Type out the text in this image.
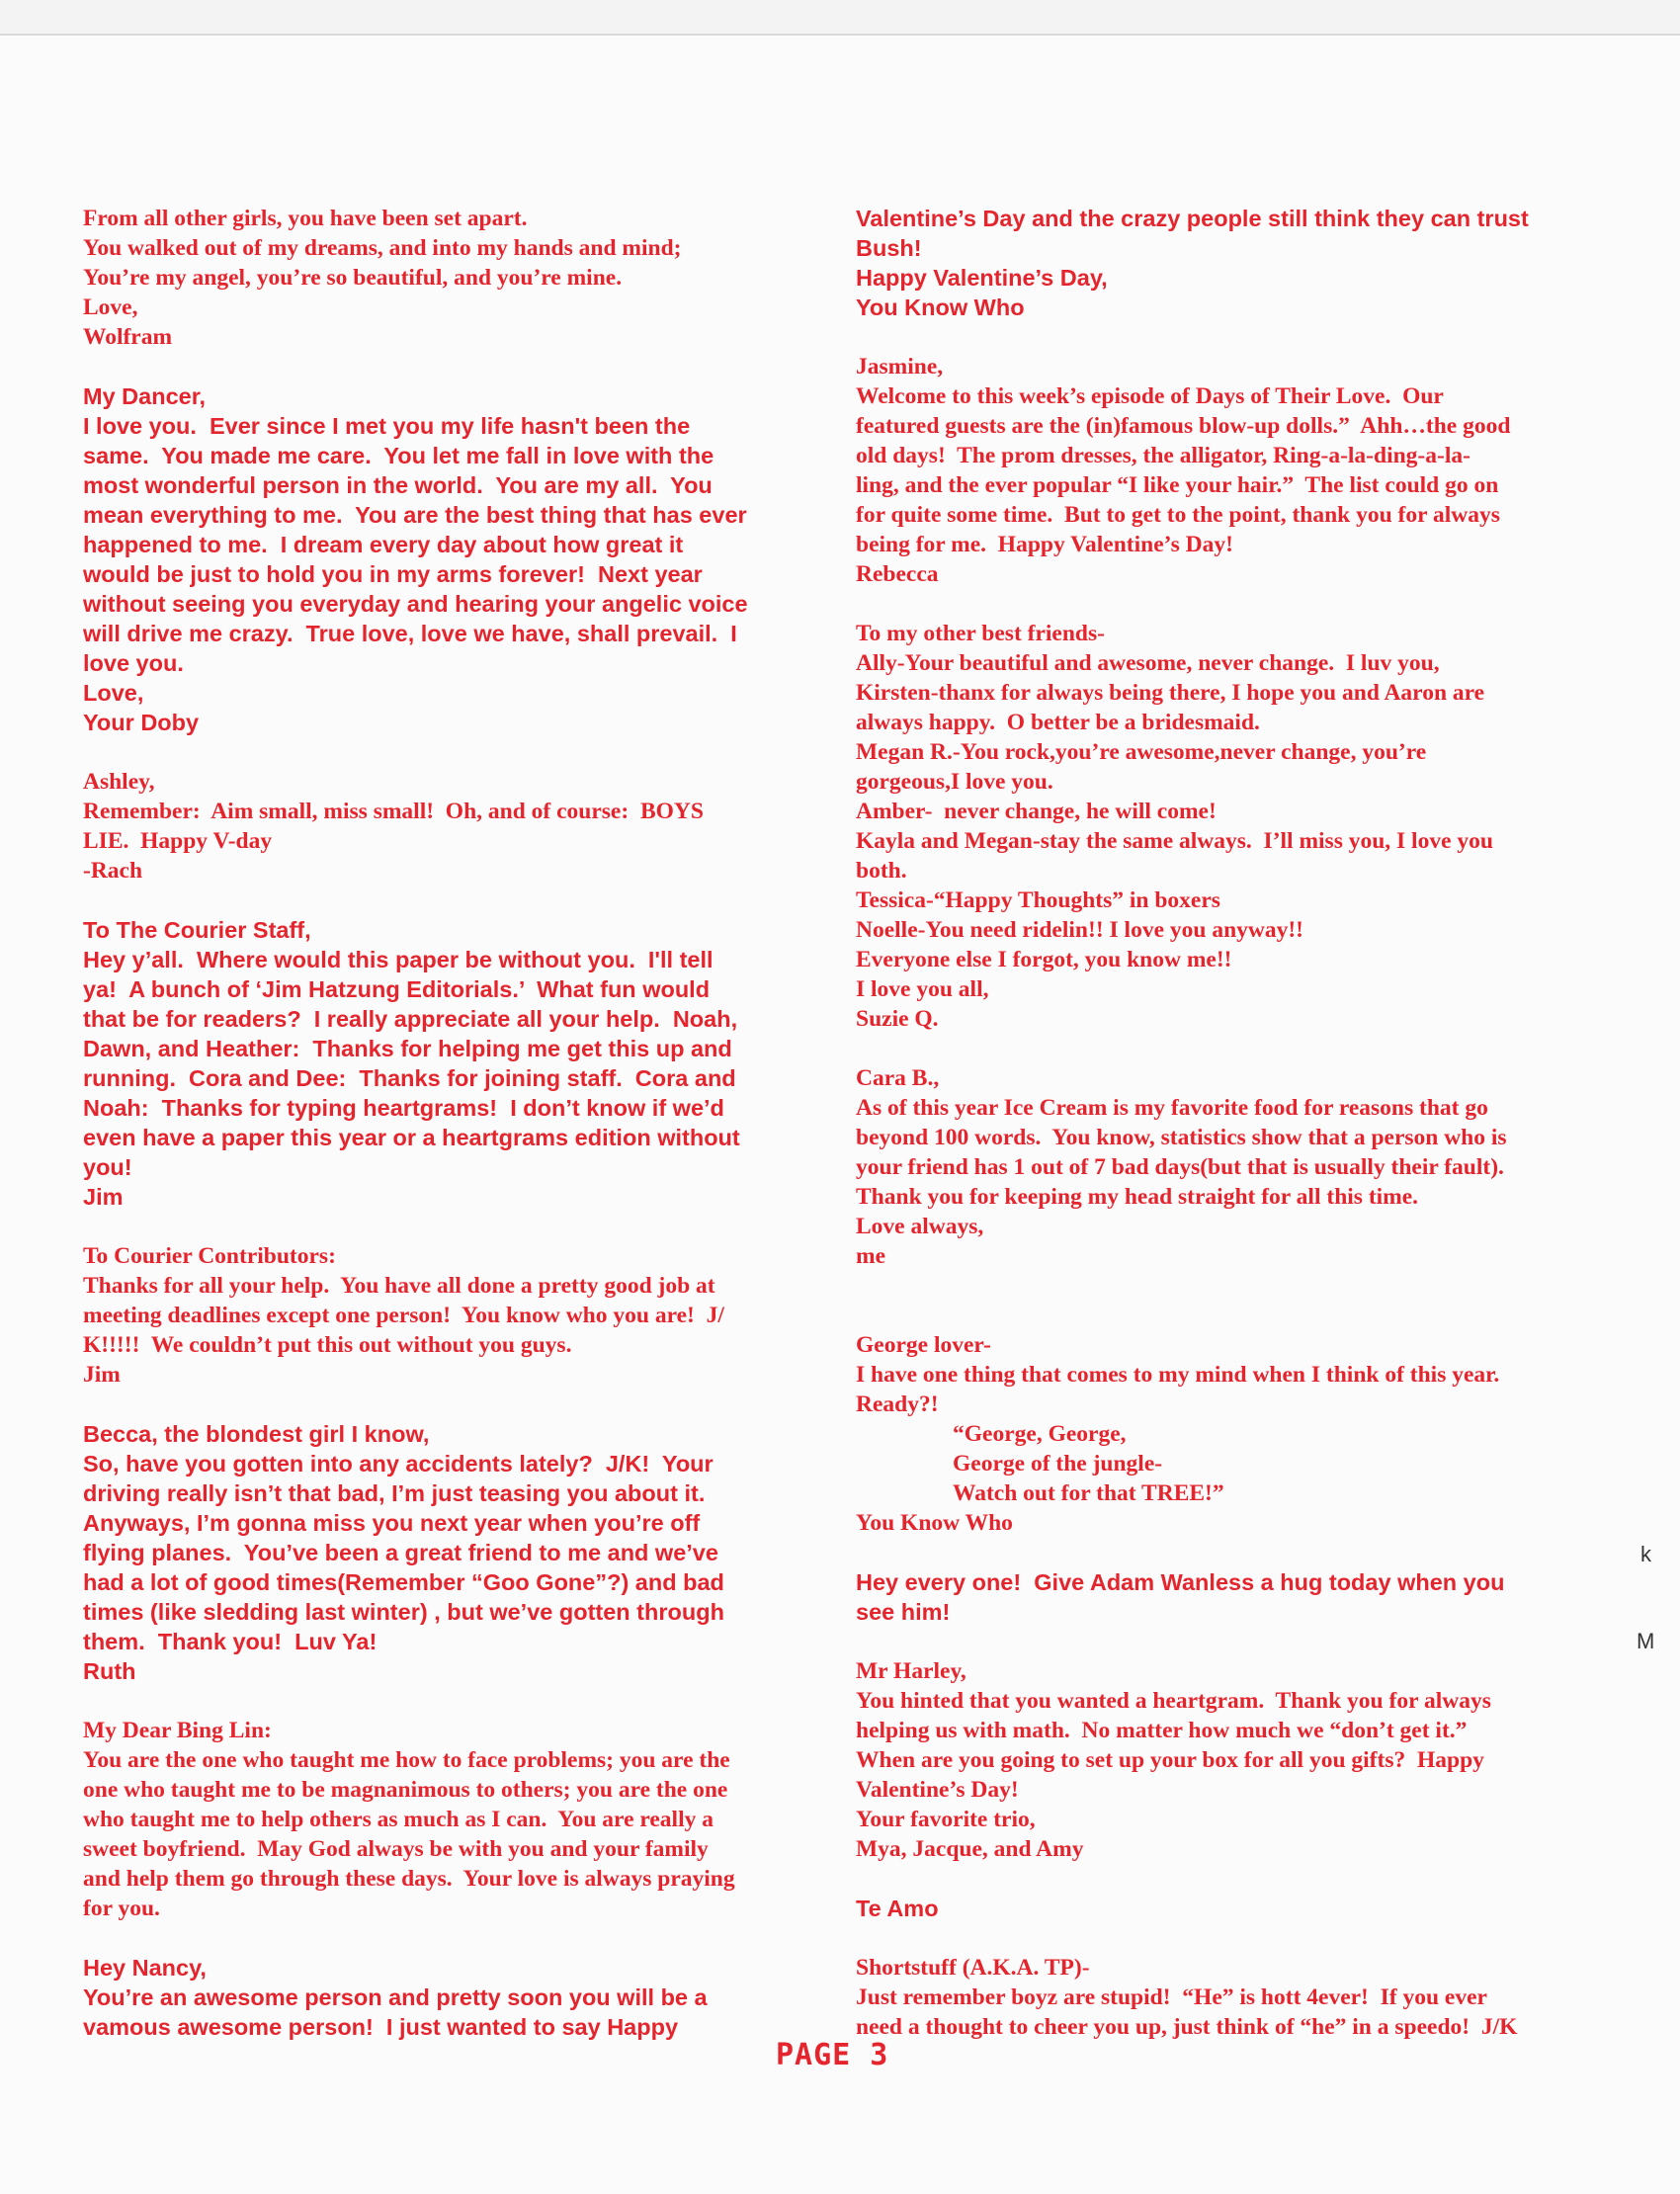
From all other girls, you have been set apart.
You walked out of my dreams, and into my hands and mind;
You’re my angel, you’re so beautiful, and you’re mine.
Love,
Wolfram
My Dancer,
I love you.  Ever since I met you my life hasn't been the
same.  You made me care.  You let me fall in love with the
most wonderful person in the world.  You are my all.  You
mean everything to me.  You are the best thing that has ever
happened to me.  I dream every day about how great it
would be just to hold you in my arms forever!  Next year
without seeing you everyday and hearing your angelic voice
will drive me crazy.  True love, love we have, shall prevail.  I
love you.
Love,
Your Doby
Ashley,
Remember:  Aim small, miss small!  Oh, and of course:  BOYS
LIE.  Happy V-day
-Rach
To The Courier Staff,
Hey y’all.  Where would this paper be without you.  I'll tell
ya!  A bunch of ‘Jim Hatzung Editorials.’  What fun would
that be for readers?  I really appreciate all your help.  Noah,
Dawn, and Heather:  Thanks for helping me get this up and
running.  Cora and Dee:  Thanks for joining staff.  Cora and
Noah:  Thanks for typing heartgrams!  I don’t know if we’d
even have a paper this year or a heartgrams edition without
you!
Jim
To Courier Contributors:
Thanks for all your help.  You have all done a pretty good job at
meeting deadlines except one person!  You know who you are!  J/
K!!!!!  We couldn’t put this out without you guys.
Jim
Becca, the blondest girl I know,
So, have you gotten into any accidents lately?  J/K!  Your
driving really isn’t that bad, I’m just teasing you about it.
Anyways, I’m gonna miss you next year when you’re off
flying planes.  You’ve been a great friend to me and we’ve
had a lot of good times(Remember “Goo Gone”?) and bad
times (like sledding last winter) , but we’ve gotten through
them.  Thank you!  Luv Ya!
Ruth
My Dear Bing Lin:
You are the one who taught me how to face problems; you are the
one who taught me to be magnanimous to others; you are the one
who taught me to help others as much as I can.  You are really a
sweet boyfriend.  May God always be with you and your family
and help them go through these days.  Your love is always praying
for you.
Hey Nancy,
You’re an awesome person and pretty soon you will be a
vamous awesome person!  I just wanted to say Happy
Valentine’s Day and the crazy people still think they can trust
Bush!
Happy Valentine’s Day,
You Know Who
Jasmine,
Welcome to this week’s episode of Days of Their Love.  Our
featured guests are the (in)famous blow-up dolls.”  Ahh…the good
old days!  The prom dresses, the alligator, Ring-a-la-ding-a-la-
ling, and the ever popular “I like your hair.”  The list could go on
for quite some time.  But to get to the point, thank you for always
being for me.  Happy Valentine’s Day!
Rebecca
To my other best friends-
Ally-Your beautiful and awesome, never change.  I luv you,
Kirsten-thanx for always being there, I hope you and Aaron are
always happy.  O better be a bridesmaid.
Megan R.-You rock,you’re awesome,never change, you’re
gorgeous,I love you.
Amber-  never change, he will come!
Kayla and Megan-stay the same always.  I’ll miss you, I love you
both.
Tessica-“Happy Thoughts” in boxers
Noelle-You need ridelin!! I love you anyway!!
Everyone else I forgot, you know me!!
I love you all,
Suzie Q.
Cara B.,
As of this year Ice Cream is my favorite food for reasons that go
beyond 100 words.  You know, statistics show that a person who is
your friend has 1 out of 7 bad days(but that is usually their fault).
Thank you for keeping my head straight for all this time.
Love always,
me

George lover-
I have one thing that comes to my mind when I think of this year.
Ready?!
“George, George,
George of the jungle-
Watch out for that TREE!”
You Know Who
Hey every one!  Give Adam Wanless a hug today when you
see him!
Mr Harley,
You hinted that you wanted a heartgram.  Thank you for always
helping us with math.  No matter how much we “don’t get it.”
When are you going to set up your box for all you gifts?  Happy
Valentine’s Day!
Your favorite trio,
Mya, Jacque, and Amy
Te Amo
Shortstuff (A.K.A. TP)-
Just remember boyz are stupid!  “He” is hott 4ever!  If you ever
need a thought to cheer you up, just think of “he” in a speedo!  J/K
PAGE 3
k
M
